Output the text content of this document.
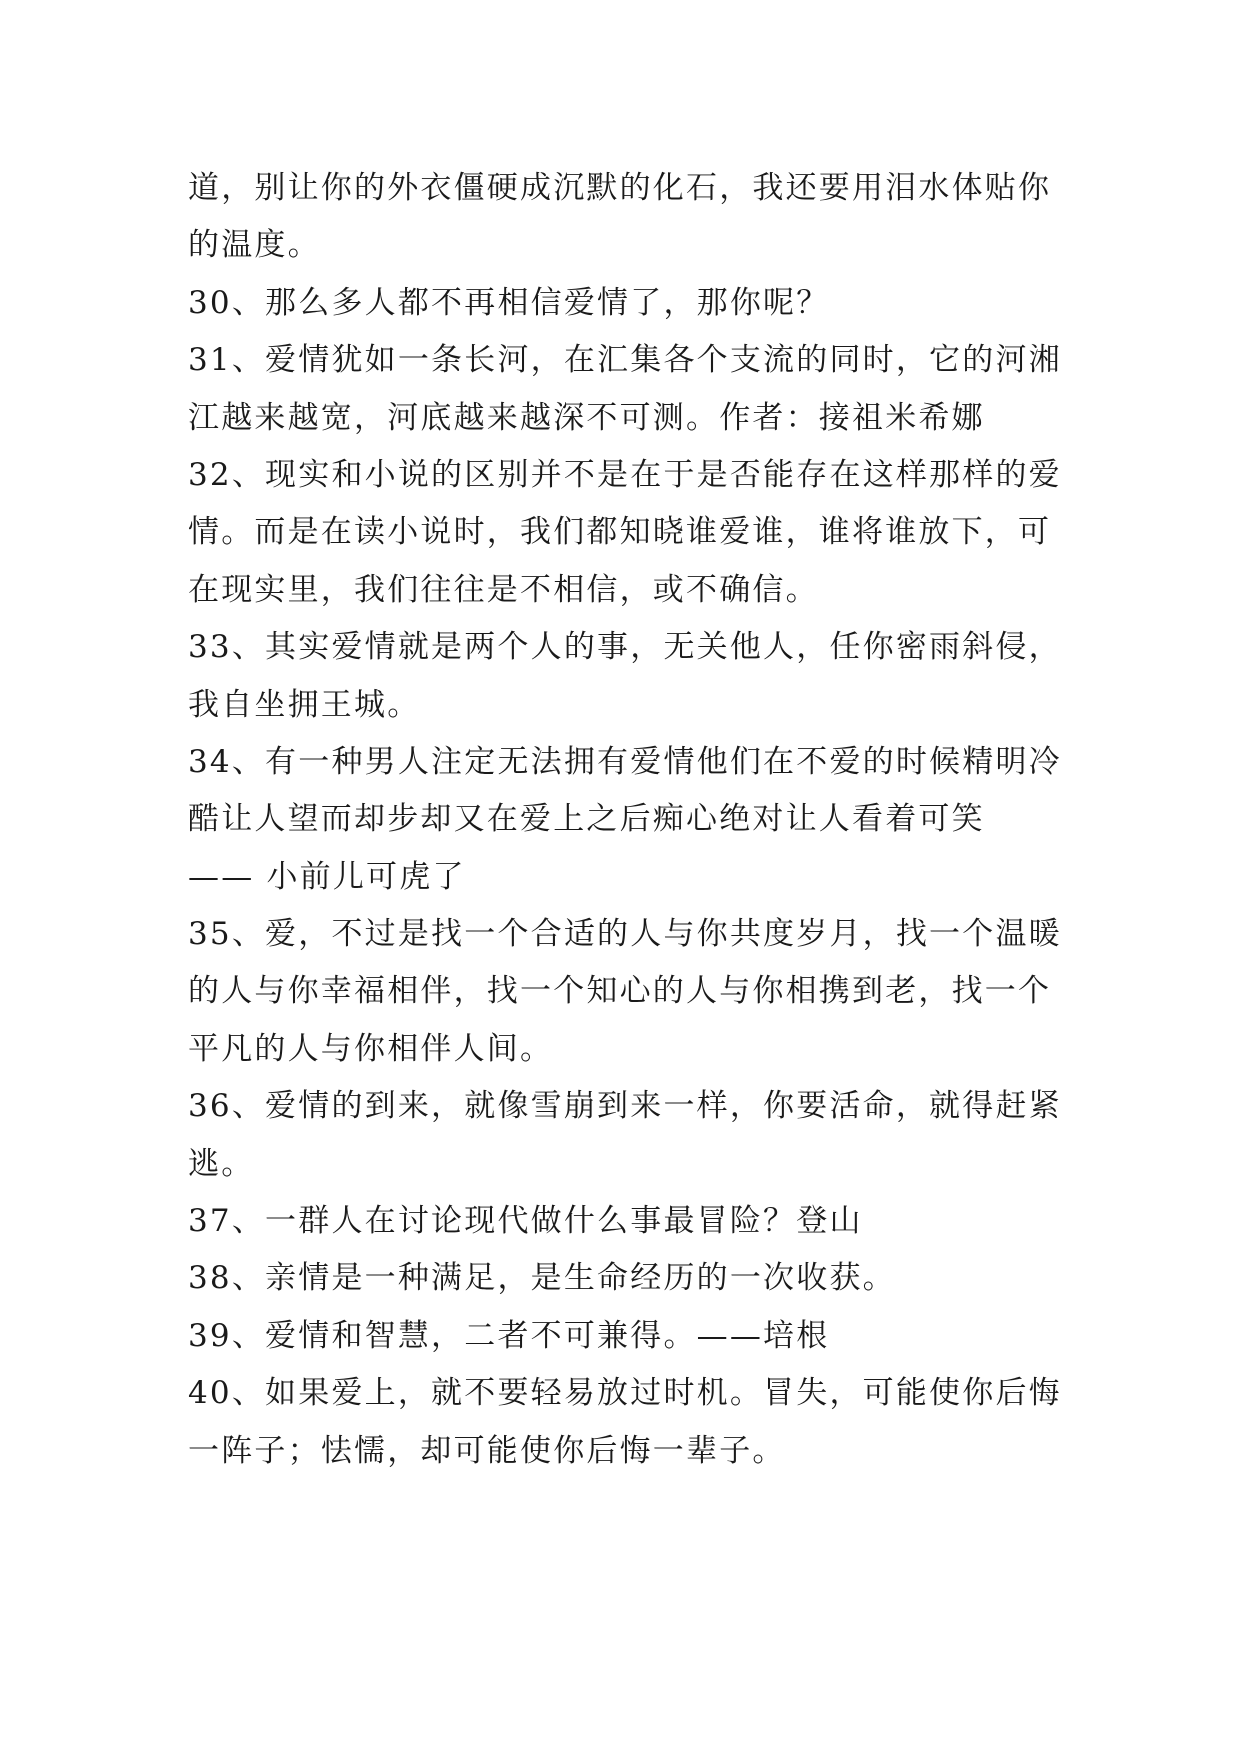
道，别让你的外衣僵硬成沉默的化石，我还要用泪水体贴你
的温度。
30、那么多人都不再相信爱情了，那你呢？
31、爱情犹如一条长河，在汇集各个支流的同时，它的河湘
江越来越宽，河底越来越深不可测。作者：接祖米希娜
32、现实和小说的区别并不是在于是否能存在这样那样的爱
情。而是在读小说时，我们都知晓谁爱谁，谁将谁放下，可
在现实里，我们往往是不相信，或不确信。
33、其实爱情就是两个人的事，无关他人，任你密雨斜侵，
我自坐拥王城。
34、有一种男人注定无法拥有爱情他们在不爱的时候精明冷
酷让人望而却步却又在爱上之后痴心绝对让人看着可笑
—— 小前儿可虎了
35、爱，不过是找一个合适的人与你共度岁月，找一个温暖
的人与你幸福相伴，找一个知心的人与你相携到老，找一个
平凡的人与你相伴人间。
36、爱情的到来，就像雪崩到来一样，你要活命，就得赶紧
逃。
37、一群人在讨论现代做什么事最冒险？登山
38、亲情是一种满足，是生命经历的一次收获。
39、爱情和智慧，二者不可兼得。——培根
40、如果爱上，就不要轻易放过时机。冒失，可能使你后悔
一阵子；怯懦，却可能使你后悔一辈子。
